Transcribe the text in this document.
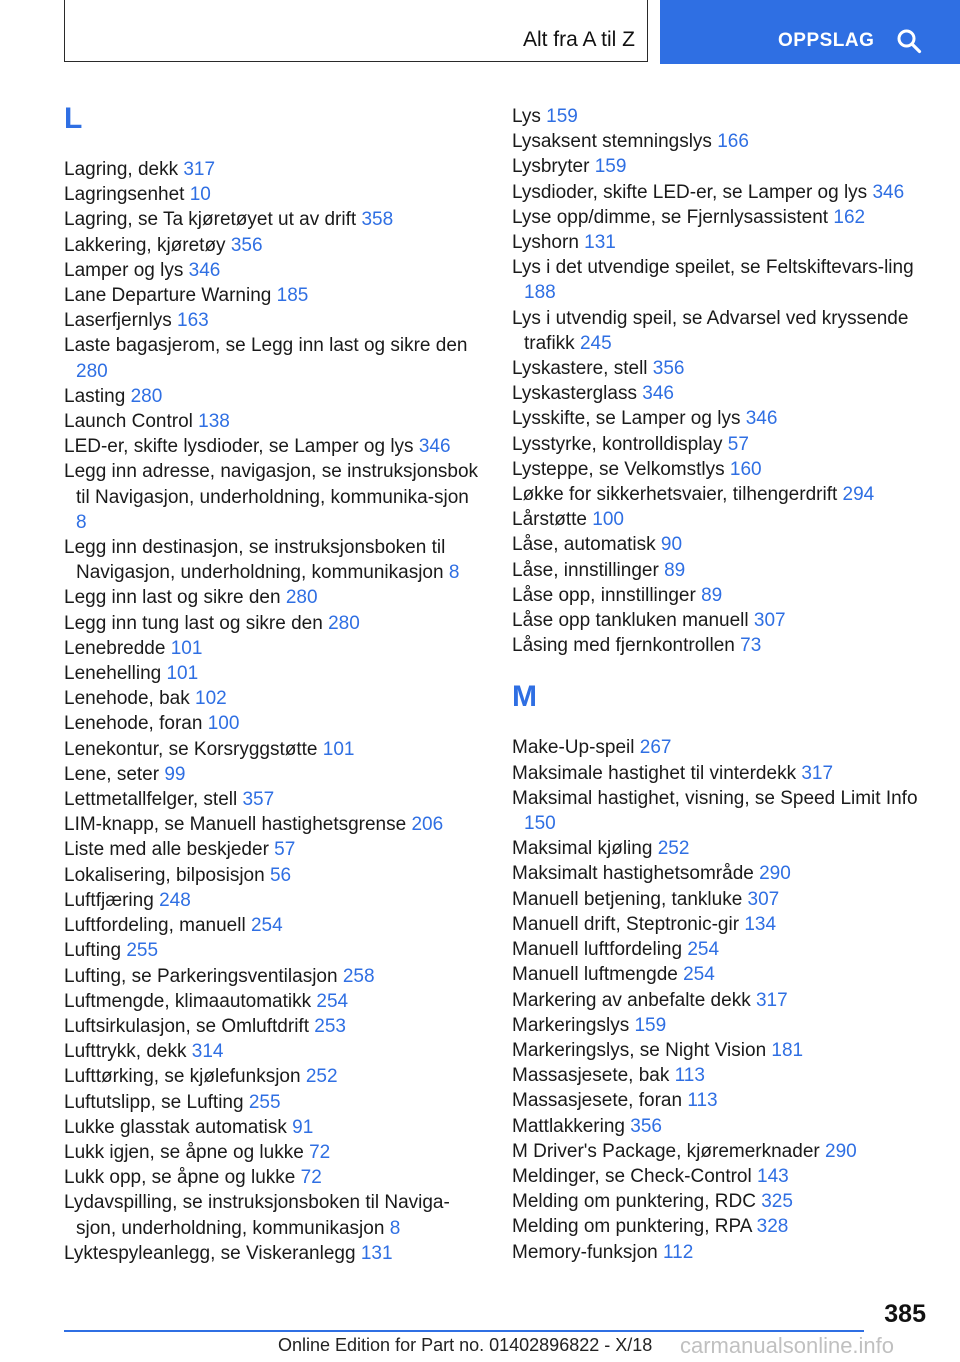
Alt fra A til Z	OPPSLAG
L
Lagring, dekk 317
Lagringsenhet 10
Lagring, se Ta kjøretøyet ut av drift 358
Lakkering, kjøretøy 356
Lamper og lys 346
Lane Departure Warning 185
Laserfjernlys 163
Laste bagasjerom, se Legg inn last og sikre den280
Lasting 280
Launch Control 138
LED-er, skifte lysdioder, se Lamper og lys 346
Legg inn adresse, navigasjon, se instruksjonsbok til Navigasjon, underholdning, kommunika-sjon8
Legg inn destinasjon, se instruksjonsboken til Navigasjon, underholdning, kommunikasjon 8
Legg inn last og sikre den 280
Legg inn tung last og sikre den 280
Lenebredde 101
Lenehelling 101
Lenehode, bak 102
Lenehode, foran 100
Lenekontur, se Korsryggstøtte 101
Lene, seter 99
Lettmetallfelger, stell 357
LIM-knapp, se Manuell hastighetsgrense 206
Liste med alle beskjeder 57
Lokalisering, bilposisjon 56
Luftfjæring 248
Luftfordeling, manuell 254
Lufting 255
Lufting, se Parkeringsventilasjon 258
Luftmengde, klimaautomatikk 254
Luftsirkulasjon, se Omluftdrift 253
Lufttrykk, dekk 314
Lufttørking, se kjølefunksjon 252
Luftutslipp, se Lufting 255
Lukke glasstak automatisk 91
Lukk igjen, se åpne og lukke 72
Lukk opp, se åpne og lukke 72
Lydavspilling, se instruksjonsboken til Naviga-sjon, underholdning, kommunikasjon 8
Lyktespyleanlegg, se Viskeranlegg 131
Lys 159
Lysaksent stemningslys 166
Lysbryter 159
Lysdioder, skifte LED-er, se Lamper og lys 346
Lyse opp/dimme, se Fjernlysassistent 162
Lyshorn 131
Lys i det utvendige speilet, se Feltskiftevars-ling188
Lys i utvendig speil, se Advarsel ved kryssende trafikk 245
Lyskastere, stell 356
Lyskasterglass 346
Lysskifte, se Lamper og lys 346
Lysstyrke, kontrolldisplay 57
Lysteppe, se Velkomstlys 160
Løkke for sikkerhetsvaier, tilhengerdrift 294
Lårstøtte 100
Låse, automatisk 90
Låse, innstillinger 89
Låse opp, innstillinger 89
Låse opp tankluken manuell 307
Låsing med fjernkontrollen 73
M
Make-Up-speil 267
Maksimale hastighet til vinterdekk 317
Maksimal hastighet, visning, se Speed Limit Info150
Maksimal kjøling 252
Maksimalt hastighetsområde 290
Manuell betjening, tankluke 307
Manuell drift, Steptronic-gir 134
Manuell luftfordeling 254
Manuell luftmengde 254
Markering av anbefalte dekk 317
Markeringslys 159
Markeringslys, se Night Vision 181
Massasjesete, bak 113
Massasjesete, foran 113
Mattlakkering 356
M Driver's Package, kjøremerknader 290
Meldinger, se Check-Control 143
Melding om punktering, RDC 325
Melding om punktering, RPA 328
Memory-funksjon 112
385
Online Edition for Part no. 01402896822 - X/18 carmanualsonline.info
